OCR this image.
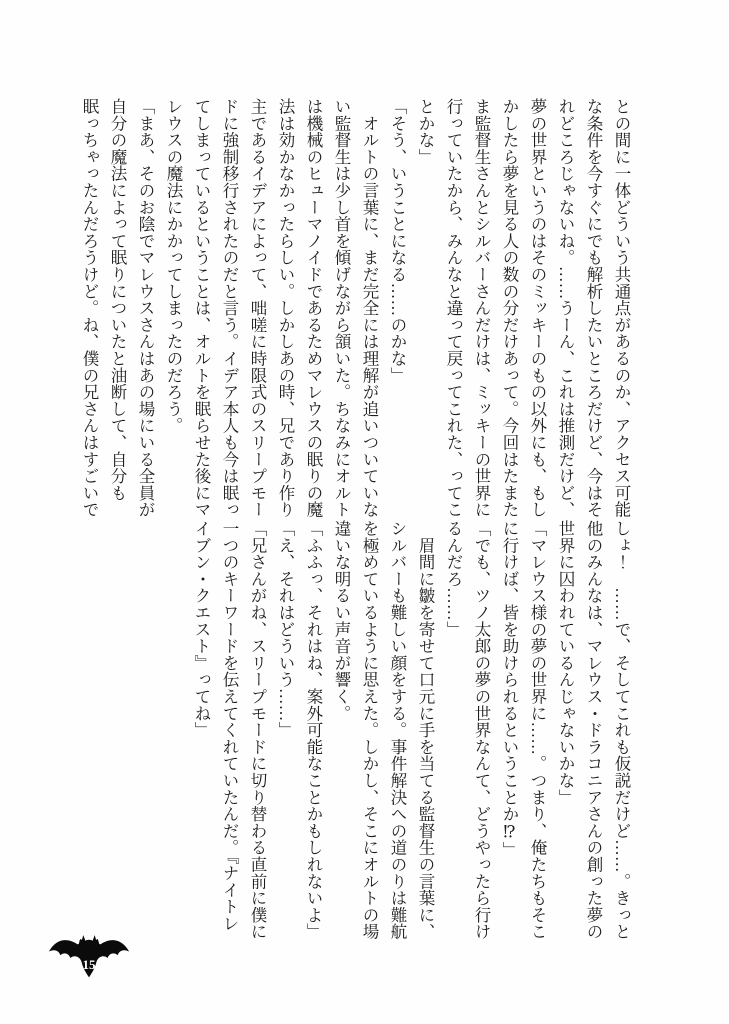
との間に一体どういう共通点があるのか、アクセス可能

な条件を今すぐにでも解析したいところだけど、今はそ

れどころじゃないね。……うーん、これは推測だけど、

夢の世界というのはそのミッキーのもの以外にも、もし

かしたら夢を見る人の数の分だけあって。今回はたまた

ま監督生さんとシルバーさんだけは、ミッキーの世界に

行っていたから、みんなと違って戻ってこれた、ってこ

とかな」

「そう、いうことになる……のかな」

　オルトの言葉に、まだ完全には理解が追いついていな

い監督生は少し首を傾げながら頷いた。ちなみにオルト

は機械のヒューマノイドであるためマレウスの眠りの魔

法は効かなかったらしい。しかしあの時、兄であり作り

主であるイデアによって、咄嗟に時限式のスリープモー

ドに強制移行されたのだと言う。イデア本人も今は眠っ

てしまっているということは、オルトを眠らせた後にマ

レウスの魔法にかかってしまったのだろう。

「まあ、そのお陰でマレウスさんはあの場にいる全員が

自分の魔法によって眠りについたと油断して、自分も

眠っちゃったんだろうけど。ね、僕の兄さんはすごいで

しょ！　……で、そしてこれも仮説だけど……。きっと

他のみんなは、マレウス・ドラコニアさんの創った夢の

世界に囚われているんじゃないかな」

「マレウス様の夢の世界に……。つまり、俺たちもそこ

に行けば、皆を助けられるということか⁉」

「でも、ツノ太郎の夢の世界なんて、どうやったら行け

るんだろ……」

　眉間に皺を寄せて口元に手を当てる監督生の言葉に、

シルバーも難しい顔をする。事件解決への道のりは難航

を極めているように思えた。しかし、そこにオルトの場

違いな明るい声音が響く。

「ふふっ、それはね、案外可能なことかもしれないよ」

「え、それはどういう……」

「兄さんがね、スリープモードに切り替わる直前に僕に

一つのキーワードを伝えてくれていたんだ。『ナイトレ

イブン・クエスト』ってね」

15
